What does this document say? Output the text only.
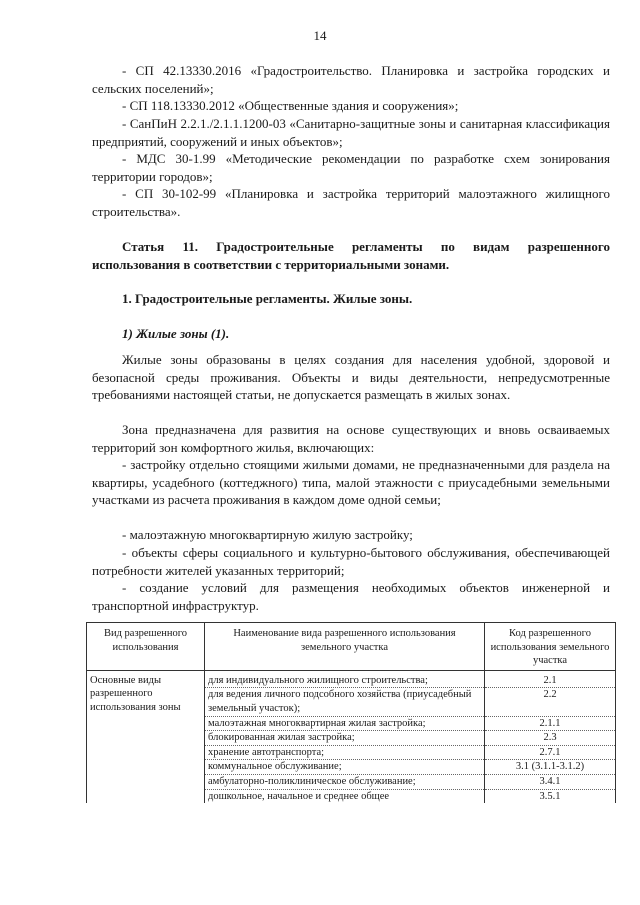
14

- СП 42.13330.2016 «Градостроительство. Планировка и застройка городских и сельских поселений»;

- СП 118.13330.2012 «Общественные здания и сооружения»;

- СанПиН 2.2.1./2.1.1.1200-03 «Санитарно-защитные зоны и санитарная классификация предприятий, сооружений и иных объектов»;

- МДС 30-1.99 «Методические рекомендации по разработке схем зонирования территории городов»;

- СП 30-102-99 «Планировка и застройка территорий малоэтажного жилищного строительства».

Статья 11. Градостроительные регламенты по видам разрешенного использования в соответствии с территориальными зонами.

1. Градостроительные регламенты. Жилые зоны.

1) Жилые зоны (1).

Жилые зоны образованы в целях создания для населения удобной, здоровой и безопасной среды проживания. Объекты и виды деятельности, непредусмотренные требованиями настоящей статьи, не допускается размещать в жилых зонах.

Зона предназначена для развития на основе существующих и вновь осваиваемых территорий зон комфортного жилья, включающих:

- застройку отдельно стоящими жилыми домами, не предназначенными для раздела на квартиры, усадебного (коттеджного) типа, малой этажности с приусадебными земельными участками из расчета проживания в каждом доме одной семьи;

- малоэтажную многоквартирную жилую застройку;

- объекты сферы социального и культурно-бытового обслуживания, обеспечивающей потребности жителей указанных территорий;

- создание условий для размещения необходимых объектов инженерной и транспортной инфраструктур.

Вид разрешенного использования	Наименование вида разрешенного использования земельного участка	Код разрешенного использования земельного участка
Основные виды разрешенного использования зоны	для индивидуального жилищного строительства;	2.1
	для ведения личного подсобного хозяйства (приусадебный земельный участок);	2.2
	малоэтажная многоквартирная жилая застройка;	2.1.1
	блокированная жилая застройка;	2.3
	хранение автотранспорта;	2.7.1
	коммунальное обслуживание;	3.1 (3.1.1-3.1.2)
	амбулаторно-поликлиническое обслуживание;	3.4.1
	дошкольное, начальное и среднее общее	3.5.1
